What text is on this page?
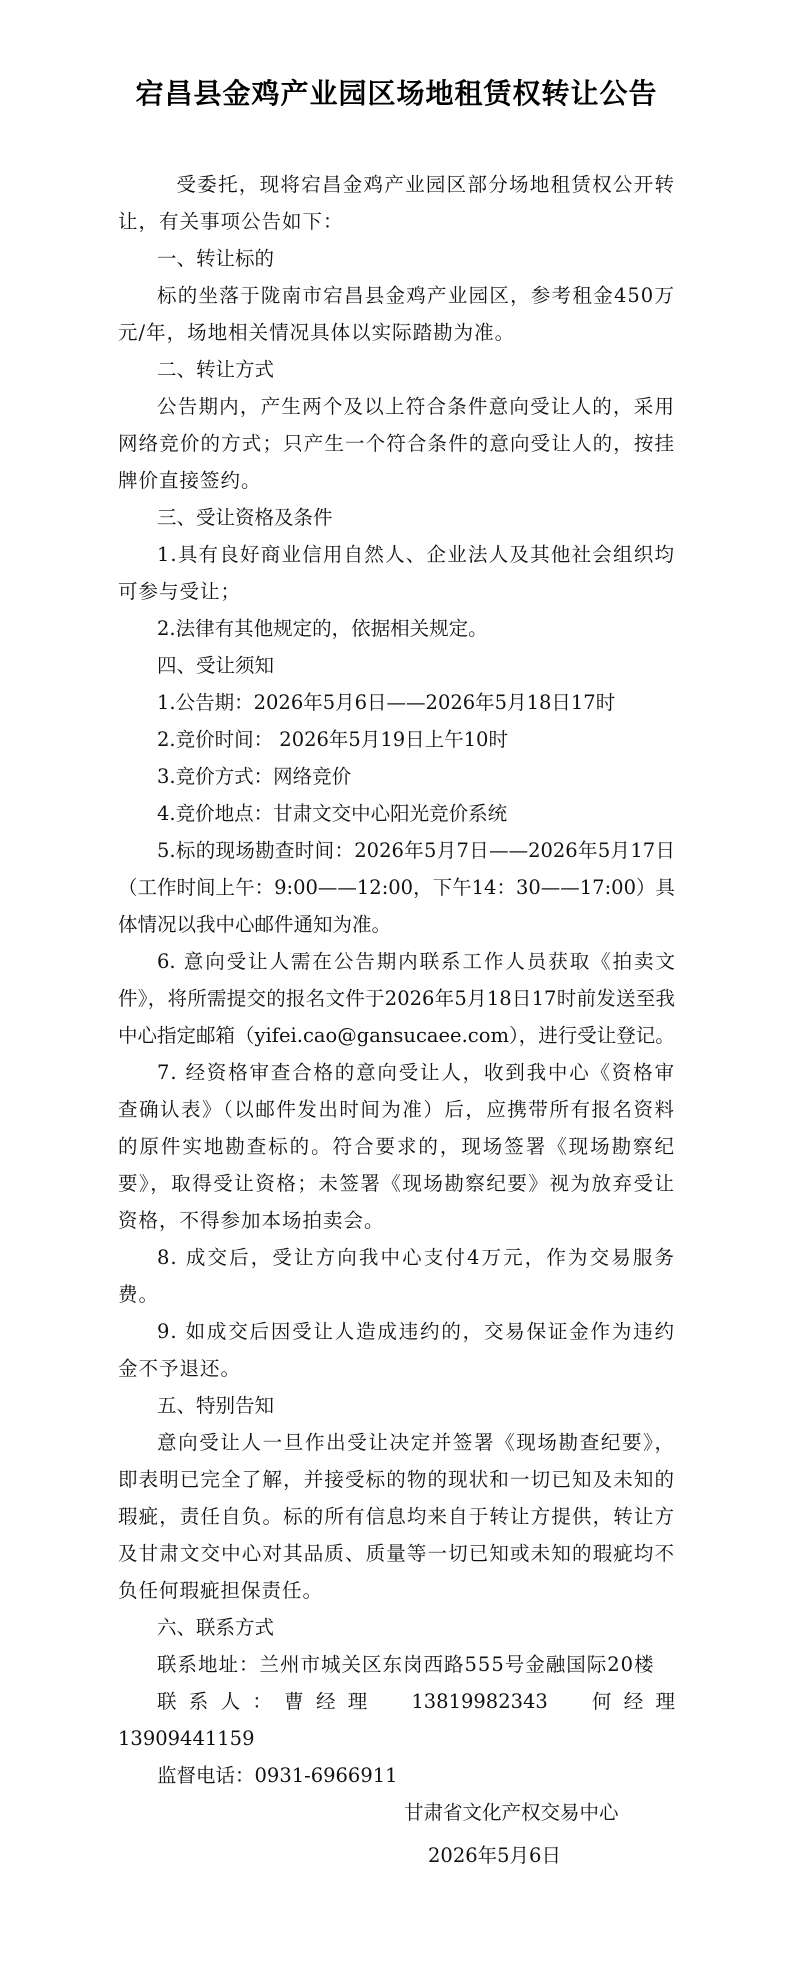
宕昌县金鸡产业园区场地租赁权转让公告

受委托，现将宕昌金鸡产业园区部分场地租赁权公开转让，有关事项公告如下：

一、转让标的

标的坐落于陇南市宕昌县金鸡产业园区，参考租金450万元/年，场地相关情况具体以实际踏勘为准。

二、转让方式

公告期内，产生两个及以上符合条件意向受让人的，采用网络竞价的方式；只产生一个符合条件的意向受让人的，按挂牌价直接签约。

三、受让资格及条件

1.具有良好商业信用自然人、企业法人及其他社会组织均可参与受让；

2.法律有其他规定的，依据相关规定。

四、受让须知

1.公告期：2026年5月6日——2026年5月18日17时

2.竞价时间： 2026年5月19日上午10时

3.竞价方式：网络竞价

4.竞价地点：甘肃文交中心阳光竞价系统

5.标的现场勘查时间：2026年5月7日——2026年5月17日（工作时间上午：9:00——12:00，下午14：30——17:00）具体情况以我中心邮件通知为准。

6. 意向受让人需在公告期内联系工作人员获取《拍卖文件》，将所需提交的报名文件于2026年5月18日17时前发送至我中心指定邮箱（yifei.cao@gansucaee.com），进行受让登记。

7. 经资格审查合格的意向受让人，收到我中心《资格审查确认表》（以邮件发出时间为准）后，应携带所有报名资料的原件实地勘查标的。符合要求的，现场签署《现场勘察纪要》，取得受让资格；未签署《现场勘察纪要》视为放弃受让资格，不得参加本场拍卖会。

8. 成交后，受让方向我中心支付4万元，作为交易服务费。

9. 如成交后因受让人造成违约的，交易保证金作为违约金不予退还。

五、特别告知

意向受让人一旦作出受让决定并签署《现场勘查纪要》，即表明已完全了解，并接受标的物的现状和一切已知及未知的瑕疵，责任自负。标的所有信息均来自于转让方提供，转让方及甘肃文交中心对其品质、质量等一切已知或未知的瑕疵均不负任何瑕疵担保责任。

六、联系方式

联系地址：兰州市城关区东岗西路555号金融国际20楼

联系人：曹经理　13819982343　何经理　13909441159

监督电话：0931-6966911

甘肃省文化产权交易中心

2026年5月6日
